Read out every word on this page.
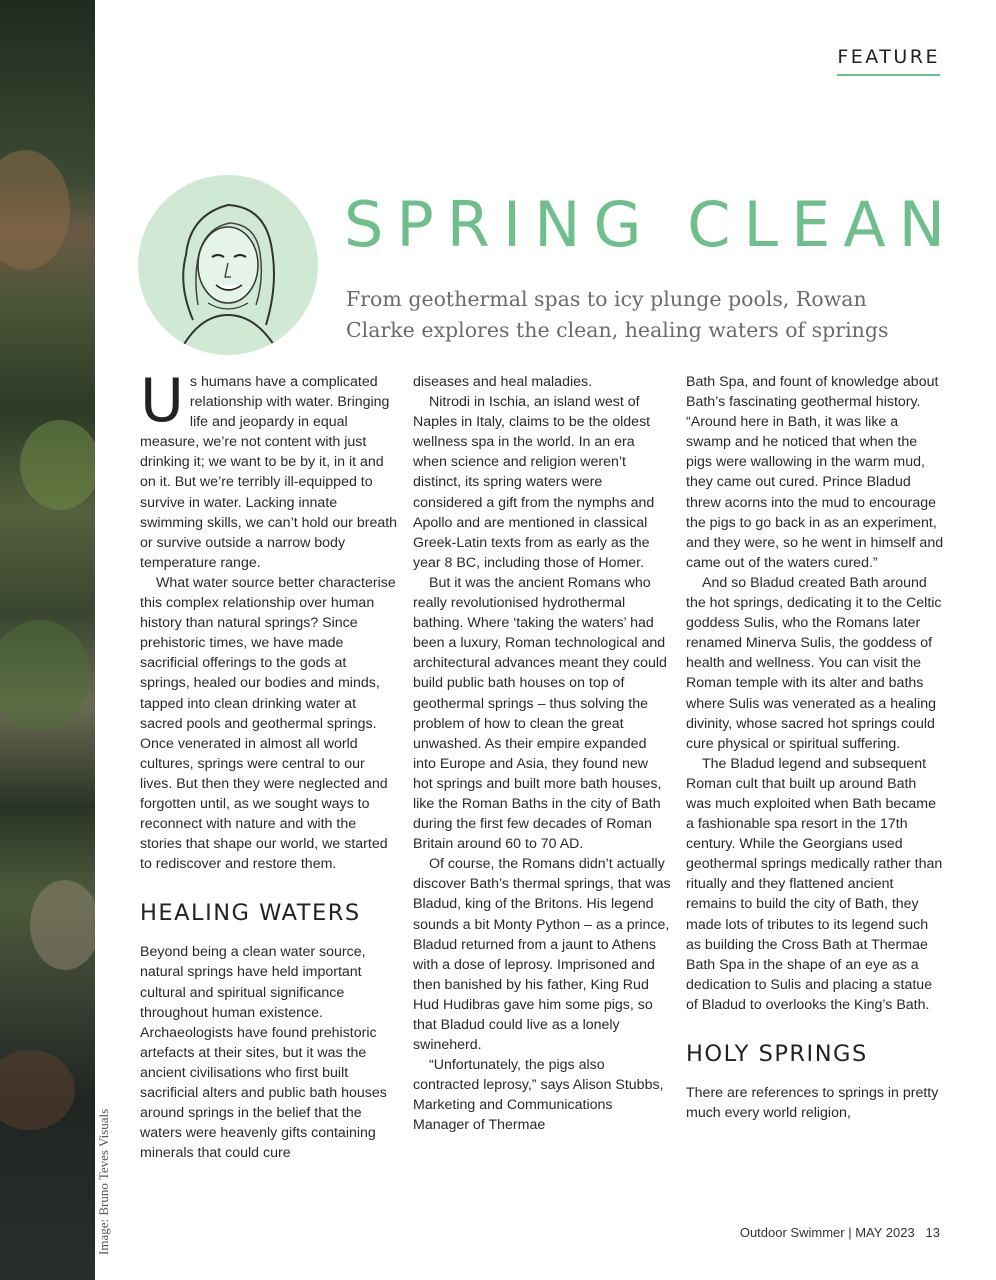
Image: Bruno Teves Visuals
FEATURE
SPRING CLEAN

From geothermal spas to icy plunge pools, Rowan Clarke explores the clean, healing waters of springs

Us humans have a complicated relationship with water. Bringing life and jeopardy in equal measure, we’re not content with just drinking it; we want to be by it, in it and on it. But we’re terribly ill-equipped to survive in water. Lacking innate swimming skills, we can’t hold our breath or survive outside a narrow body temperature range.

What water source better characterise this complex relationship over human history than natural springs? Since prehistoric times, we have made sacrificial offerings to the gods at springs, healed our bodies and minds, tapped into clean drinking water at sacred pools and geothermal springs. Once venerated in almost all world cultures, springs were central to our lives. But then they were neglected and forgotten until, as we sought ways to reconnect with nature and with the stories that shape our world, we started to rediscover and restore them.

HEALING WATERS

Beyond being a clean water source, natural springs have held important cultural and spiritual significance throughout human existence. Archaeologists have found prehistoric artefacts at their sites, but it was the ancient civilisations who first built sacrificial alters and public bath houses around springs in the belief that the waters were heavenly gifts containing minerals that could cure

diseases and heal maladies.

Nitrodi in Ischia, an island west of Naples in Italy, claims to be the oldest wellness spa in the world. In an era when science and religion weren’t distinct, its spring waters were considered a gift from the nymphs and Apollo and are mentioned in classical Greek-Latin texts from as early as the year 8 BC, including those of Homer.

But it was the ancient Romans who really revolutionised hydrothermal bathing. Where ‘taking the waters’ had been a luxury, Roman technological and architectural advances meant they could build public bath houses on top of geothermal springs – thus solving the problem of how to clean the great unwashed. As their empire expanded into Europe and Asia, they found new hot springs and built more bath houses, like the Roman Baths in the city of Bath during the first few decades of Roman Britain around 60 to 70 AD.

Of course, the Romans didn’t actually discover Bath’s thermal springs, that was Bladud, king of the Britons. His legend sounds a bit Monty Python – as a prince, Bladud returned from a jaunt to Athens with a dose of leprosy. Imprisoned and then banished by his father, King Rud Hud Hudibras gave him some pigs, so that Bladud could live as a lonely swineherd.

“Unfortunately, the pigs also contracted leprosy,” says Alison Stubbs, Marketing and Communications Manager of Thermae

Bath Spa, and fount of knowledge about Bath’s fascinating geothermal history. “Around here in Bath, it was like a swamp and he noticed that when the pigs were wallowing in the warm mud, they came out cured. Prince Bladud threw acorns into the mud to encourage the pigs to go back in as an experiment, and they were, so he went in himself and came out of the waters cured.”

And so Bladud created Bath around the hot springs, dedicating it to the Celtic goddess Sulis, who the Romans later renamed Minerva Sulis, the goddess of health and wellness. You can visit the Roman temple with its alter and baths where Sulis was venerated as a healing divinity, whose sacred hot springs could cure physical or spiritual suffering.

The Bladud legend and subsequent Roman cult that built up around Bath was much exploited when Bath became a fashionable spa resort in the 17th century. While the Georgians used geothermal springs medically rather than ritually and they flattened ancient remains to build the city of Bath, they made lots of tributes to its legend such as building the Cross Bath at Thermae Bath Spa in the shape of an eye as a dedication to Sulis and placing a statue of Bladud to overlooks the King’s Bath.

HOLY SPRINGS

There are references to springs in pretty much every world religion,

Outdoor Swimmer | MAY 2023   13
